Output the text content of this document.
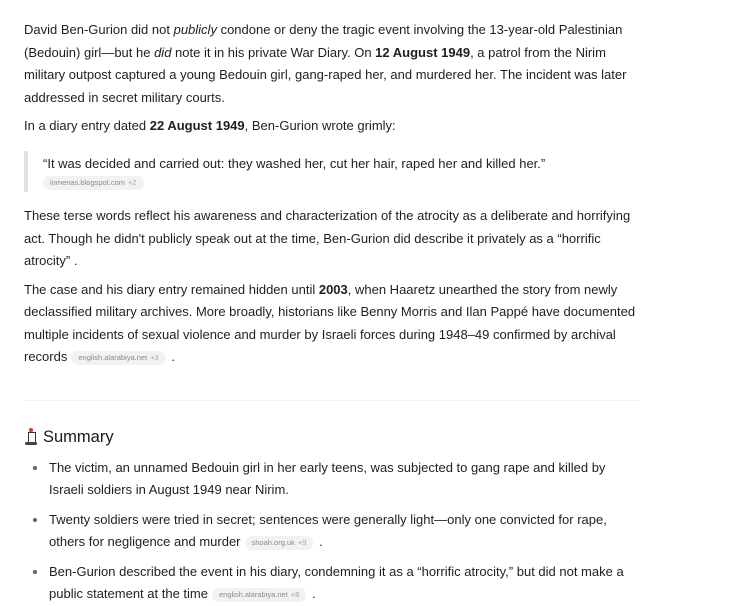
David Ben-Gurion did not publicly condone or deny the tragic event involving the 13-year-old Palestinian (Bedouin) girl—but he did note it in his private War Diary. On 12 August 1949, a patrol from the Nirim military outpost captured a young Bedouin girl, gang-raped her, and murdered her. The incident was later addressed in secret military courts.

In a diary entry dated 22 August 1949, Ben-Gurion wrote grimly:

“It was decided and carried out: they washed her, cut her hair, raped her and killed her.”

inmenas.blogspot.com +2

These terse words reflect his awareness and characterization of the atrocity as a deliberate and horrifying act. Though he didn't publicly speak out at the time, Ben-Gurion did describe it privately as a “horrific atrocity” .

The case and his diary entry remained hidden until 2003, when Haaretz unearthed the story from newly declassified military archives. More broadly, historians like Benny Morris and Ilan Pappé have documented multiple incidents of sexual violence and murder by Israeli forces during 1948–49 confirmed by archival records english.alarabiya.net +3 .

Summary
The victim, an unnamed Bedouin girl in her early teens, was subjected to gang rape and killed by Israeli soldiers in August 1949 near Nirim.
Twenty soldiers were tried in secret; sentences were generally light—only one convicted for rape, others for negligence and murder shoah.org.uk +9 .
Ben-Gurion described the event in his diary, condemning it as a “horrific atrocity,” but did not make a public statement at the time english.alarabiya.net +8 .
